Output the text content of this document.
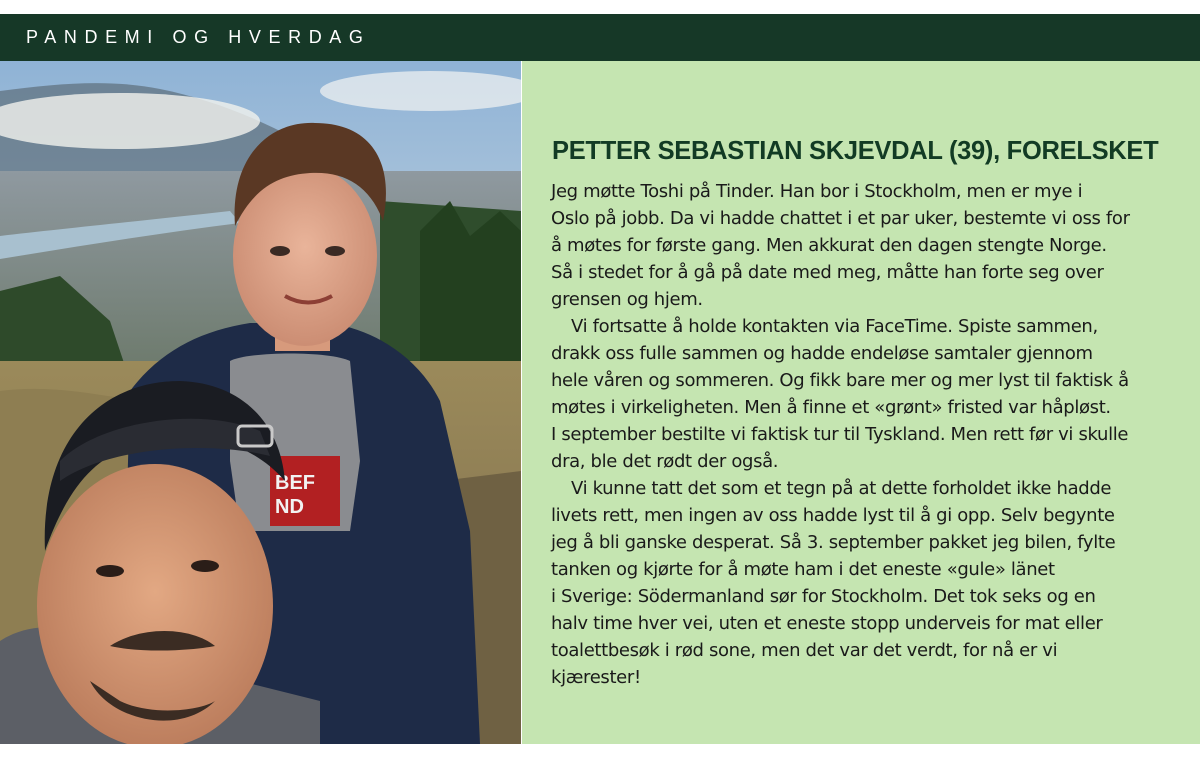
PANDEMI OG HVERDAG
BEF
ND
PETTER SEBASTIAN SKJEVDAL (39), FORELSKET
Jeg møtte Toshi på Tinder. Han bor i Stockholm, men er mye i
Oslo på jobb. Da vi hadde chattet i et par uker, bestemte vi oss for
å møtes for første gang. Men akkurat den dagen stengte Norge.
Så i stedet for å gå på date med meg, måtte han forte seg over
grensen og hjem.
Vi fortsatte å holde kontakten via FaceTime. Spiste sammen,
drakk oss fulle sammen og hadde endeløse samtaler gjennom
hele våren og sommeren. Og fikk bare mer og mer lyst til faktisk å
møtes i virkeligheten. Men å finne et «grønt» fristed var håpløst.
I september bestilte vi faktisk tur til Tyskland. Men rett før vi skulle
dra, ble det rødt der også.
Vi kunne tatt det som et tegn på at dette forholdet ikke hadde
livets rett, men ingen av oss hadde lyst til å gi opp. Selv begynte
jeg å bli ganske desperat. Så 3. september pakket jeg bilen, fylte
tanken og kjørte for å møte ham i det eneste «gule» länet
i Sverige: Södermanland sør for Stockholm. Det tok seks og en
halv time hver vei, uten et eneste stopp underveis for mat eller
toalettbesøk i rød sone, men det var det verdt, for nå er vi
kjærester!
